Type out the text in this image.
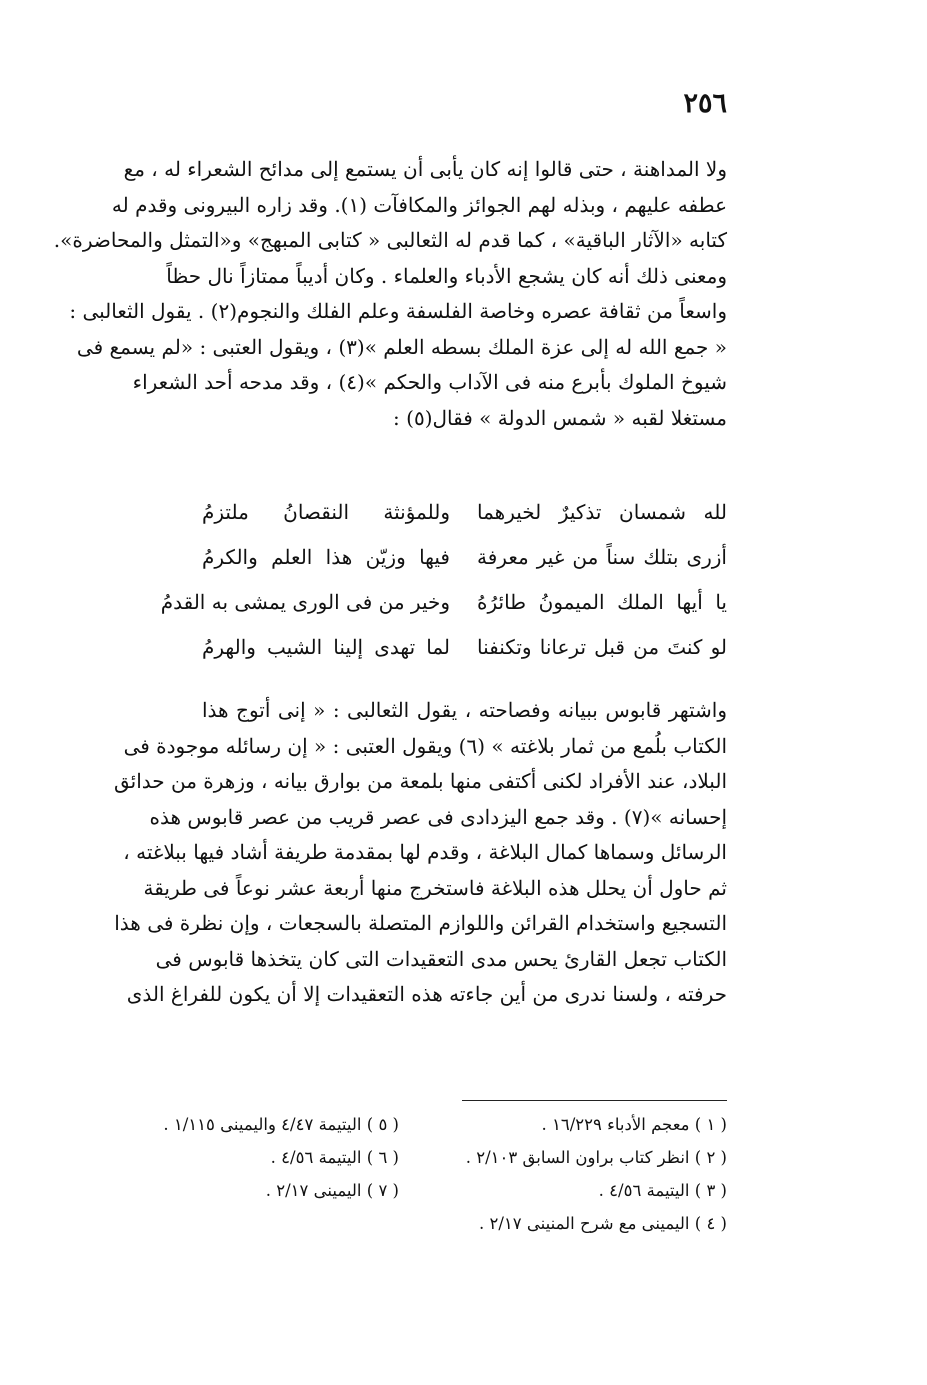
٢٥٦
ولا المداهنة ، حتى قالوا إنه كان يأبى أن يستمع إلى مدائح الشعراء له ، مع
عطفه عليهم ، وبذله لهم الجوائز والمكافآت (١). وقد زاره البيرونى وقدم له
كتابه «الآثار الباقية» ، كما قدم له الثعالبى « كتابى المبهج» و«التمثل والمحاضرة».
ومعنى ذلك أنه كان يشجع الأدباء والعلماء . وكان أديباً ممتازاً نال حظاً
واسعاً من ثقافة عصره وخاصة الفلسفة وعلم الفلك والنجوم(٢) . يقول الثعالبى :
« جمع الله له إلى عزة الملك بسطه العلم »(٣) ، ويقول العتبى : «لم يسمع فى
شيوخ الملوك بأبرع منه فى الآداب والحكم »(٤) ، وقد مدحه أحد الشعراء
مستغلا لقبه « شمس الدولة » فقال(٥) :
لله شمسان تذكيرٌ لخيرهما
وللمؤنثة النقصانُ ملتزمُ
أزرى بتلك سناً من غير معرفة
فيها وزيّن هذا العلم والكرمُ
يا أيها الملك الميمونُ طائرُهُ
وخير من فى الورى يمشى به القدمُ
لو كنتَ من قبل ترعانا وتكنفنا
لما تهدى إلينا الشيب والهرمُ
واشتهر قابوس ببيانه وفصاحته ، يقول الثعالبى : « إنى أتوج هذا
الكتاب بلُمع من ثمار بلاغته » (٦) ويقول العتبى : « إن رسائله موجودة فى
البلاد، عند الأفراد لكنى أكتفى منها بلمعة من بوارق بيانه ، وزهرة من حدائق
إحسانه »(٧) . وقد جمع اليزدادى فى عصر قريب من عصر قابوس هذه
الرسائل وسماها كمال البلاغة ، وقدم لها بمقدمة طريفة أشاد فيها ببلاغته ،
ثم حاول أن يحلل هذه البلاغة فاستخرج منها أربعة عشر نوعاً فى طريقة
التسجيع واستخدام القرائن واللوازم المتصلة بالسجعات ، وإن نظرة فى هذا
الكتاب تجعل القارئ يحس مدى التعقيدات التى كان يتخذها قابوس فى
حرفته ، ولسنا ندرى من أين جاءته هذه التعقيدات إلا أن يكون للفراغ الذى
( ١ ) معجم الأدباء ١٦/٢٢٩ .
( ٢ ) انظر كتاب براون السابق ٢/١٠٣ .
( ٣ ) اليتيمة ٤/٥٦ .
( ٤ ) اليمينى مع شرح المنينى ٢/١٧ .
( ٥ ) اليتيمة ٤/٤٧ واليمينى ١/١١٥ .
( ٦ ) اليتيمة ٤/٥٦ .
( ٧ ) اليمينى ٢/١٧ .
